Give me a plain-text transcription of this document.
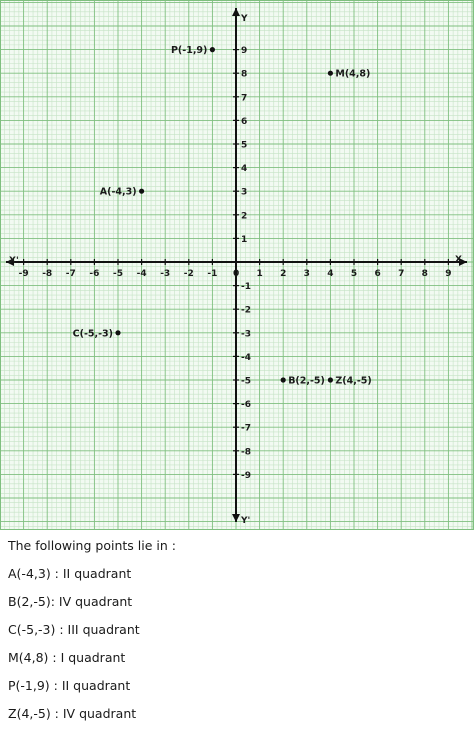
-9 -8 -7 -6 -5 -4 -3 -2 -1	1 2 3 4 5 6 7 8 9
9
8
7
6
5
4
3
2
1
-1
-2
-3
-4
-5
-6
-7
-8
-9
X
X'
Y
Y'
0
P(-1,9)
M(4,8)
A(-4,3)
C(-5,-3)
B(2,-5) Z(4,-5)

The following points lie in :

A(-4,3) : II quadrant

B(2,-5): IV quadrant

C(-5,-3) : III quadrant

M(4,8) : I quadrant

P(-1,9) : II quadrant

Z(4,-5) : IV quadrant
